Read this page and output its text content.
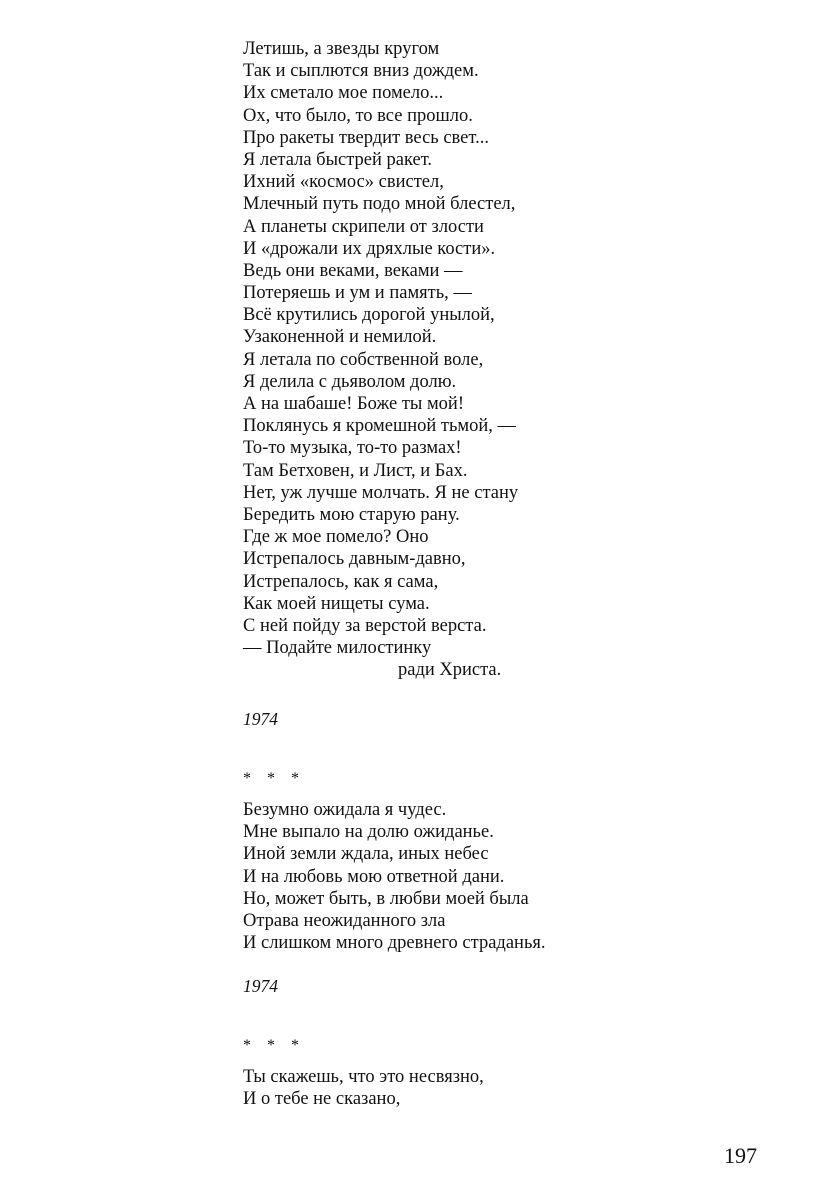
Летишь, а звезды кругом
Так и сыплются вниз дождем.
Их сметало мое помело...
Ох, что было, то все прошло.
Про ракеты твердит весь свет...
Я летала быстрей ракет.
Ихний «космос» свистел,
Млечный путь подо мной блестел,
А планеты скрипели от злости
И «дрожали их дряхлые кости».
Ведь они веками, веками —
Потеряешь и ум и память, —
Всё крутились дорогой унылой,
Узаконенной и немилой.
Я летала по собственной воле,
Я делила с дьяволом долю.
А на шабаше! Боже ты мой!
Поклянусь я кромешной тьмой, —
То-то музыка, то-то размах!
Там Бетховен, и Лист, и Бах.
Нет, уж лучше молчать. Я не стану
Бередить мою старую рану.
Где ж мое помело? Оно
Истрепалось давным-давно,
Истрепалось, как я сама,
Как моей нищеты сума.
С ней пойду за верстой верста.
— Подайте милостинку
ради Христа.
1974
* * *
Безумно ожидала я чудес.
Мне выпало на долю ожиданье.
Иной земли ждала, иных небес
И на любовь мою ответной дани.
Но, может быть, в любви моей была
Отрава неожиданного зла
И слишком много древнего страданья.
1974
* * *
Ты скажешь, что это несвязно,
И о тебе не сказано,
197
